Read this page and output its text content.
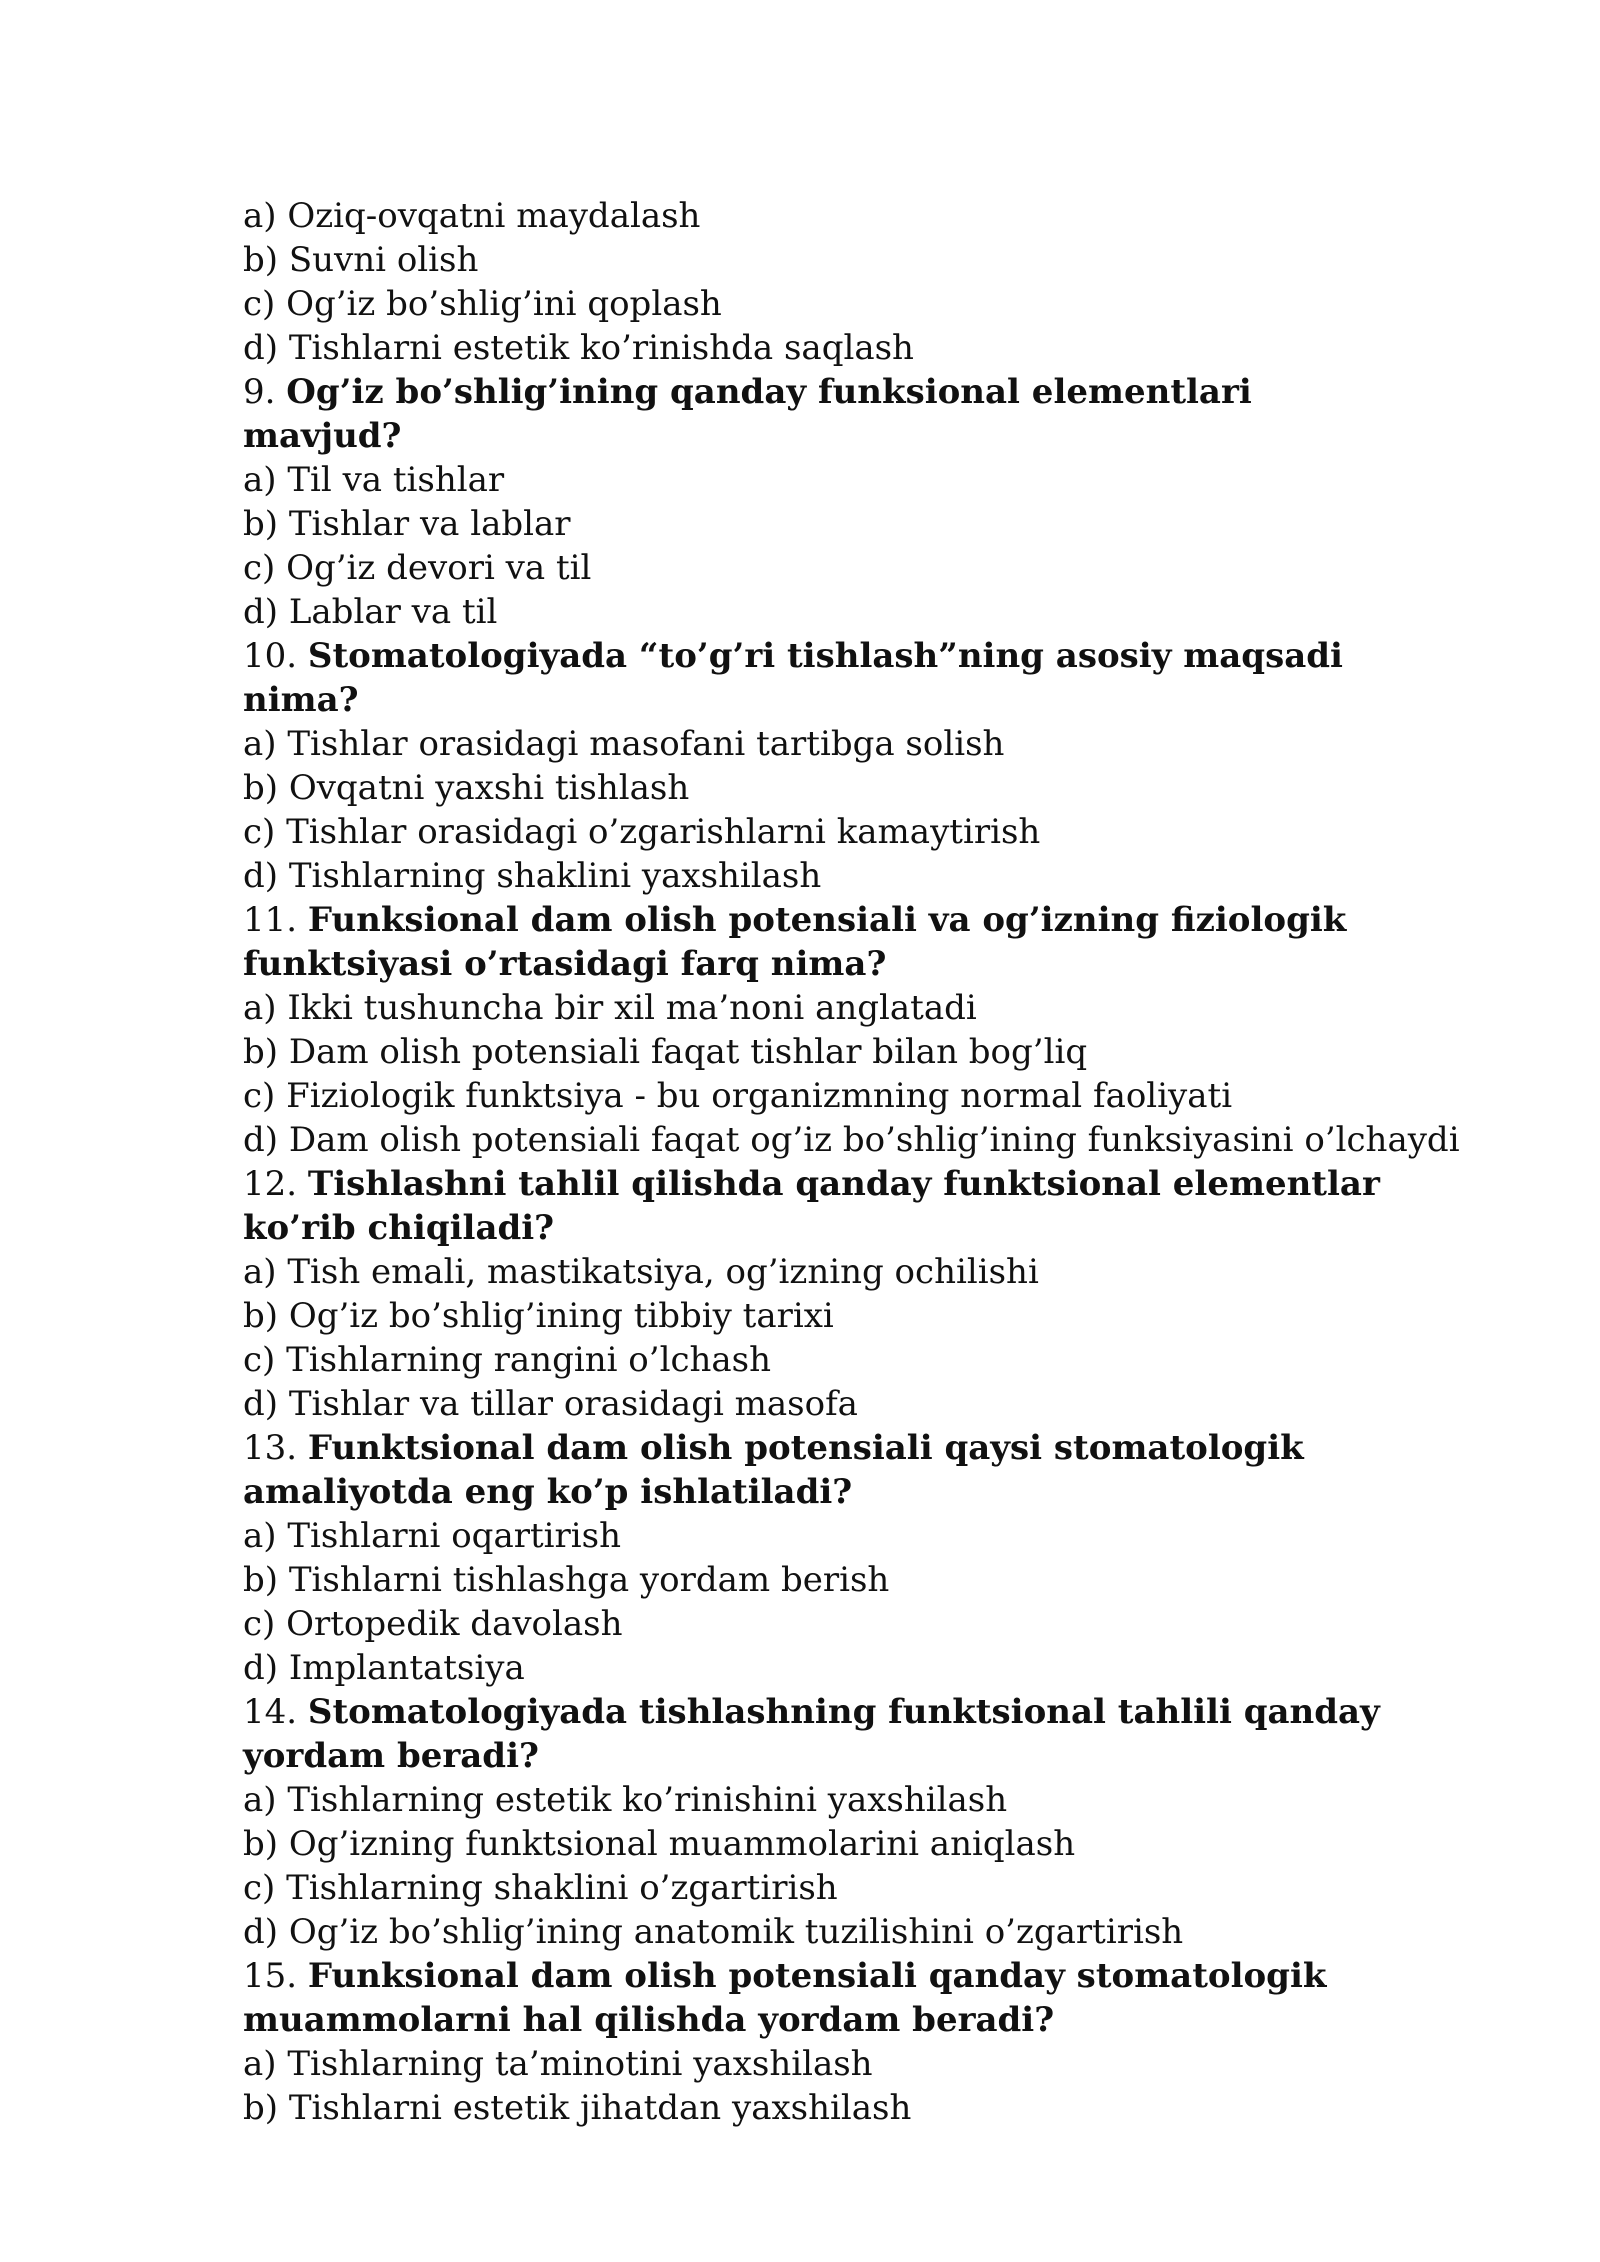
a) Oziq-ovqatni maydalash
b) Suvni olish
c) Og’iz bo’shlig’ini qoplash
d) Tishlarni estetik ko’rinishda saqlash
9. Og’iz bo’shlig’ining qanday funksional elementlari mavjud?
a) Til va tishlar
b) Tishlar va lablar
c) Og’iz devori va til
d) Lablar va til
10. Stomatologiyada “to’g’ri tishlash”ning asosiy maqsadi nima?
a) Tishlar orasidagi masofani tartibga solish
b) Ovqatni yaxshi tishlash
c) Tishlar orasidagi o’zgarishlarni kamaytirish
d) Tishlarning shaklini yaxshilash
11. Funksional dam olish potensiali va og’izning fiziologik funktsiyasi o’rtasidagi farq nima?
a) Ikki tushuncha bir xil ma’noni anglatadi
b) Dam olish potensiali faqat tishlar bilan bog’liq
c) Fiziologik funktsiya - bu organizmning normal faoliyati
d) Dam olish potensiali faqat og’iz bo’shlig’ining funksiyasini o’lchaydi
12. Tishlashni tahlil qilishda qanday funktsional elementlar ko’rib chiqiladi?
a) Tish emali, mastikatsiya, og’izning ochilishi
b) Og’iz bo’shlig’ining tibbiy tarixi
c) Tishlarning rangini o’lchash
d) Tishlar va tillar orasidagi masofa
13. Funktsional dam olish potensiali qaysi stomatologik amaliyotda eng ko’p ishlatiladi?
a) Tishlarni oqartirish
b) Tishlarni tishlashga yordam berish
c) Ortopedik davolash
d) Implantatsiya
14. Stomatologiyada tishlashning funktsional tahlili qanday yordam beradi?
a) Tishlarning estetik ko’rinishini yaxshilash
b) Og’izning funktsional muammolarini aniqlash
c) Tishlarning shaklini o’zgartirish
d) Og’iz bo’shlig’ining anatomik tuzilishini o’zgartirish
15. Funksional dam olish potensiali qanday stomatologik muammolarni hal qilishda yordam beradi?
a) Tishlarning ta’minotini yaxshilash
b) Tishlarni estetik jihatdan yaxshilash
